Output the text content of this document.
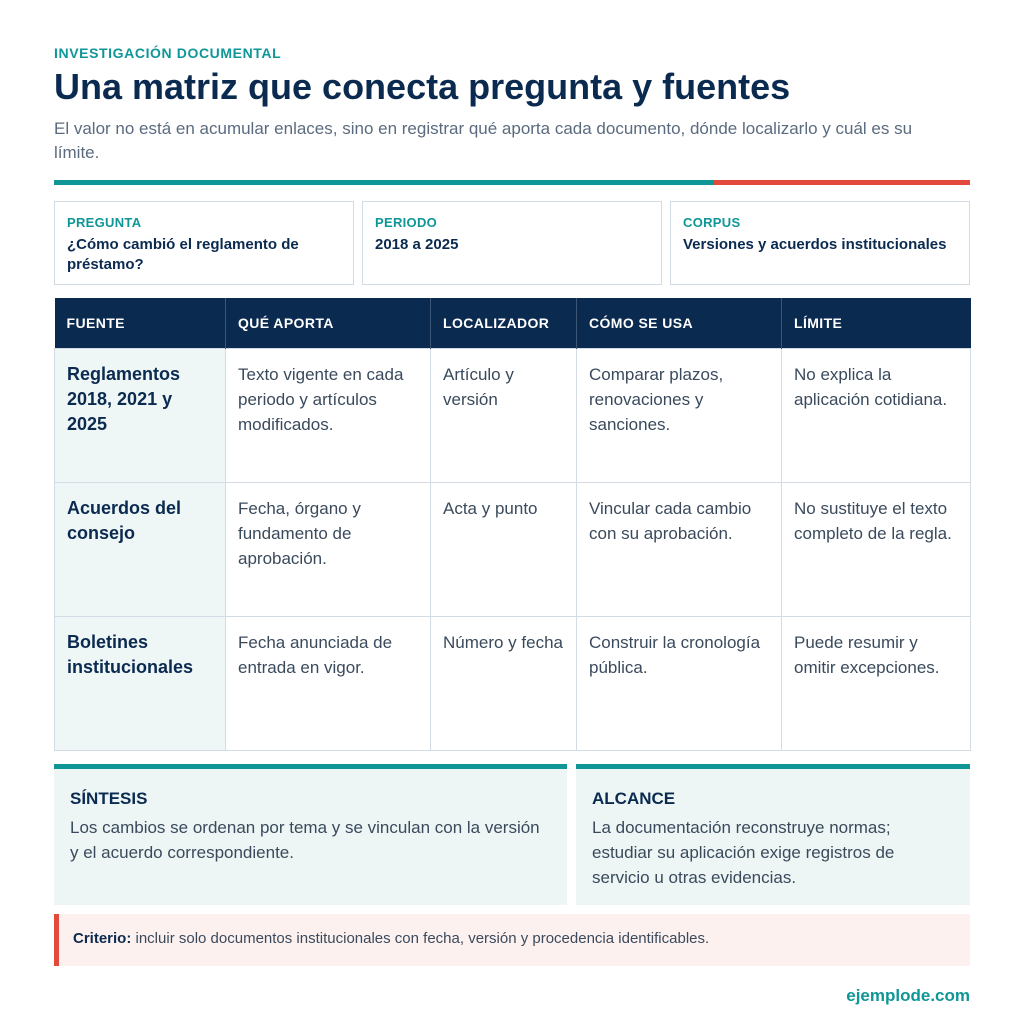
INVESTIGACIÓN DOCUMENTAL
Una matriz que conecta pregunta y fuentes
El valor no está en acumular enlaces, sino en registrar qué aporta cada documento, dónde localizarlo y cuál es su límite.
PREGUNTA
¿Cómo cambió el reglamento de préstamo?
PERIODO
2018 a 2025
CORPUS
Versiones y acuerdos institucionales
FUENTE	QUÉ APORTA	LOCALIZADOR	CÓMO SE USA	LÍMITE
Reglamentos 2018, 2021 y 2025	Texto vigente en cada periodo y artículos modificados.	Artículo y versión	Comparar plazos, renovaciones y sanciones.	No explica la aplicación cotidiana.
Acuerdos del consejo	Fecha, órgano y fundamento de aprobación.	Acta y punto	Vincular cada cambio con su aprobación.	No sustituye el texto completo de la regla.
Boletines institucionales	Fecha anunciada de entrada en vigor.	Número y fecha	Construir la cronología pública.	Puede resumir y omitir excepciones.
SÍNTESIS
Los cambios se ordenan por tema y se vinculan con la versión y el acuerdo correspondiente.
ALCANCE
La documentación reconstruye normas; estudiar su aplicación exige registros de servicio u otras evidencias.
Criterio: incluir solo documentos institucionales con fecha, versión y procedencia identificables.
ejemplode.com
